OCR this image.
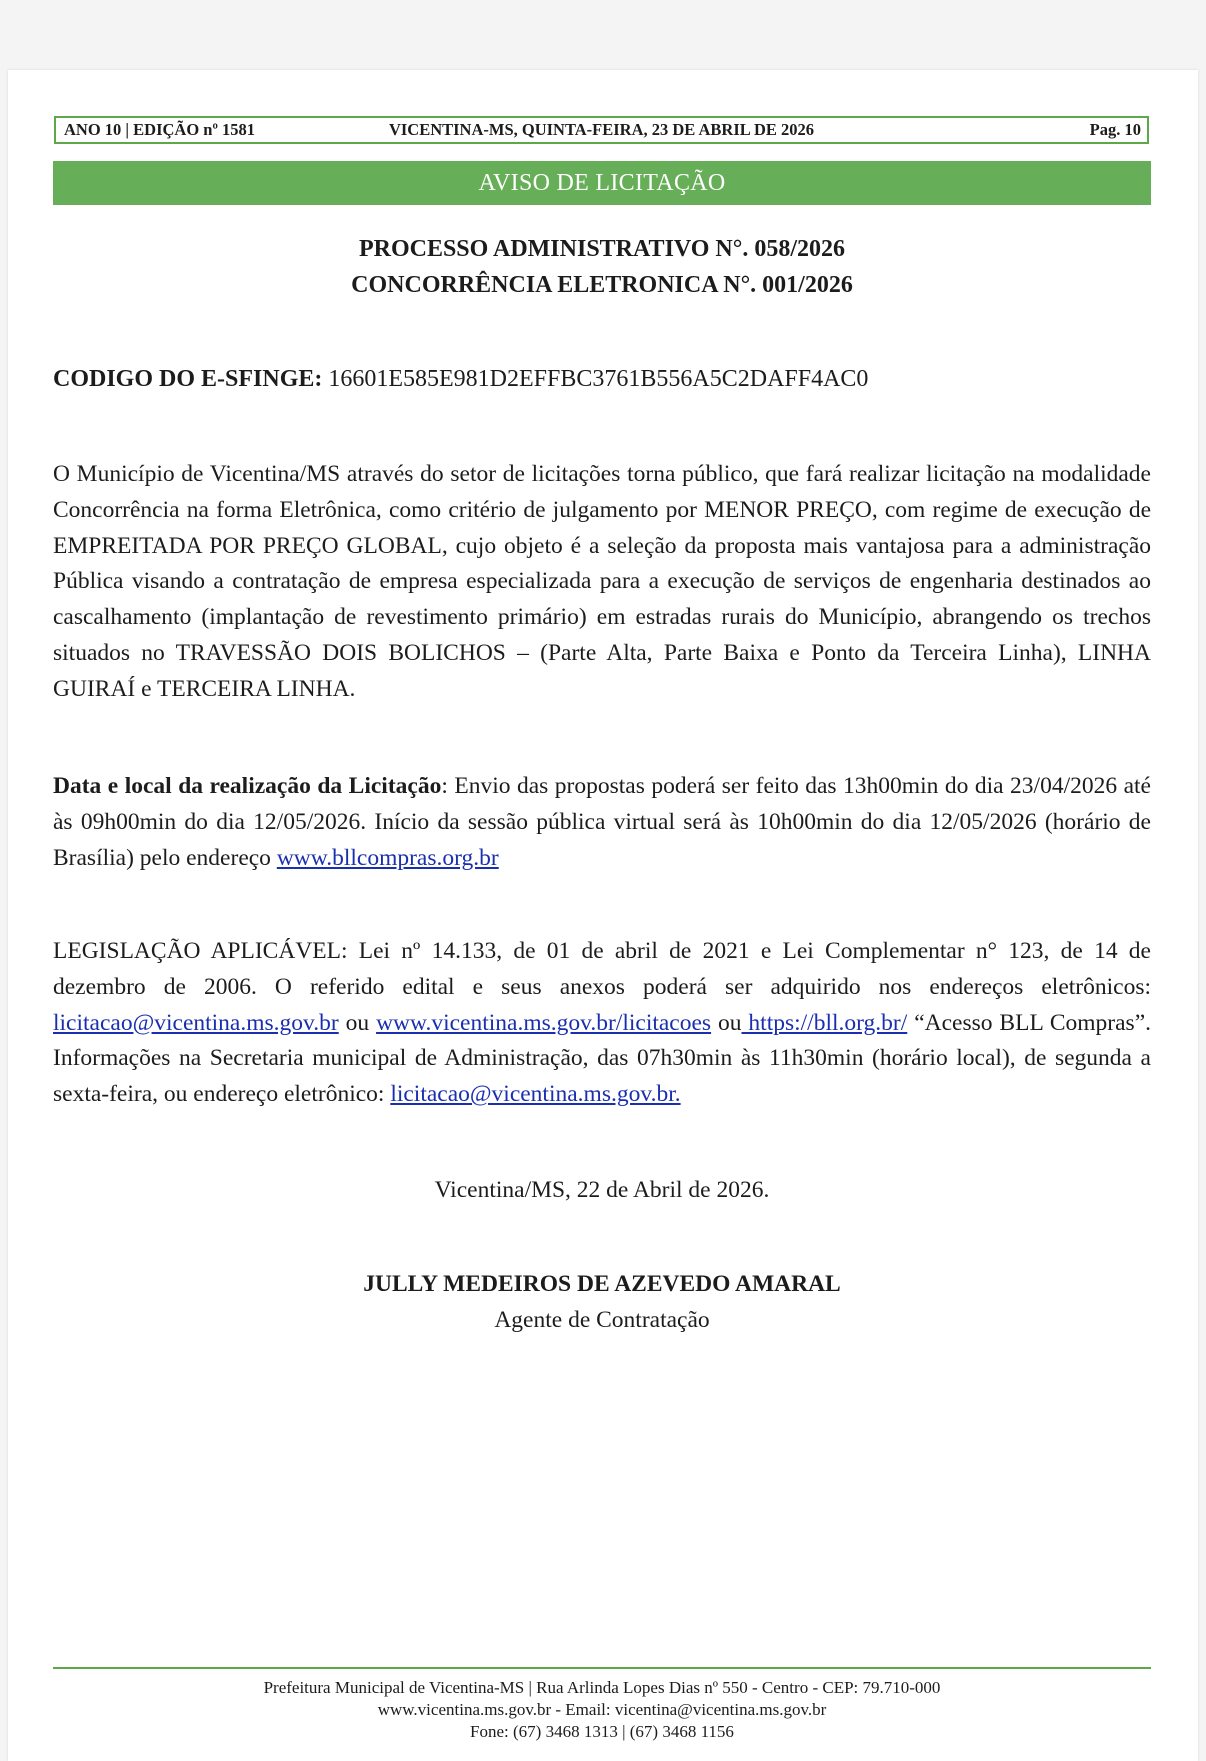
ANO 10 | EDIÇÃO nº 1581	VICENTINA-MS, QUINTA-FEIRA, 23 DE ABRIL DE 2026	Pag. 10
AVISO DE LICITAÇÃO
PROCESSO ADMINISTRATIVO N°. 058/2026
CONCORRÊNCIA ELETRONICA N°. 001/2026
CODIGO DO E-SFINGE: 16601E585E981D2EFFBC3761B556A5C2DAFF4AC0

O Município de Vicentina/MS através do setor de licitações torna público, que fará realizar licitação na modalidade Concorrência na forma Eletrônica, como critério de julgamento por MENOR PREÇO, com regime de execução de EMPREITADA POR PREÇO GLOBAL, cujo objeto é a seleção da proposta mais vantajosa para a administração Pública visando a contratação de empresa especializada para a execução de serviços de engenharia destinados ao cascalhamento (implantação de revestimento primário) em estradas rurais do Município, abrangendo os trechos situados no TRAVESSÃO DOIS BOLICHOS – (Parte Alta, Parte Baixa e Ponto da Terceira Linha), LINHA GUIRAÍ e TERCEIRA LINHA.

Data e local da realização da Licitação: Envio das propostas poderá ser feito das 13h00min do dia 23/04/2026 até às 09h00min do dia 12/05/2026. Início da sessão pública virtual será às 10h00min do dia 12/05/2026 (horário de Brasília) pelo endereço www.bllcompras.org.br

LEGISLAÇÃO APLICÁVEL: Lei nº 14.133, de 01 de abril de 2021 e Lei Complementar n° 123, de 14 de dezembro de 2006. O referido edital e seus anexos poderá ser adquirido nos endereços eletrônicos: licitacao@vicentina.ms.gov.br ou www.vicentina.ms.gov.br/licitacoes ou https://bll.org.br/ “Acesso BLL Compras”. Informações na Secretaria municipal de Administração, das 07h30min às 11h30min (horário local), de segunda a sexta-feira, ou endereço eletrônico: licitacao@vicentina.ms.gov.br.

Vicentina/MS, 22 de Abril de 2026.
JULLY MEDEIROS DE AZEVEDO AMARAL
Agente de Contratação
Prefeitura Municipal de Vicentina-MS | Rua Arlinda Lopes Dias nº 550 - Centro - CEP: 79.710-000
www.vicentina.ms.gov.br - Email: vicentina@vicentina.ms.gov.br
Fone: (67) 3468 1313 | (67) 3468 1156
